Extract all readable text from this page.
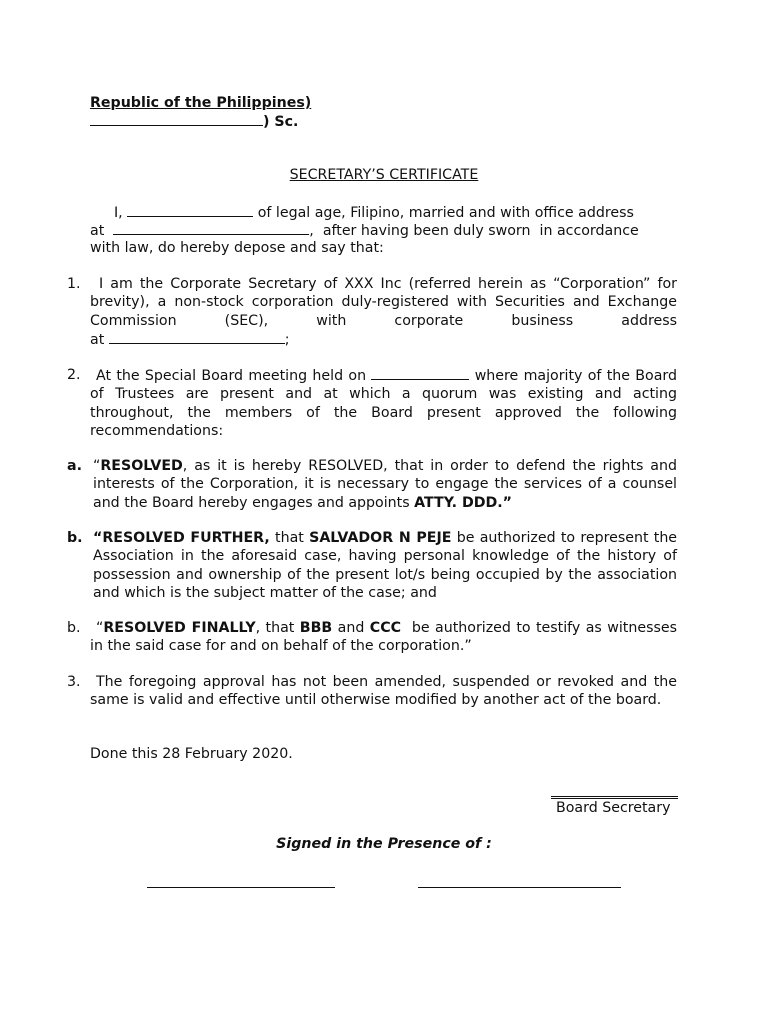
Republic of the Philippines)
) Sc.
SECRETARY’S CERTIFICATE
I,	of legal age, Filipino, married and with office address
at	,  after having been duly sworn  in accordance
with law, do hereby depose and say that:
1.	I am the Corporate Secretary of XXX Inc (referred herein as “Corporation” for brevity), a non-stock corporation duly-registered with Securities and Exchange Commission (SEC), with corporate business address
at	;
2.	At the Special Board meeting held on	where majority of the Board of Trustees are present and at which a quorum was existing and acting throughout, the members of the Board present approved the following recommendations:
a. “RESOLVED, as it is hereby RESOLVED, that in order to defend the rights and interests of the Corporation, it is necessary to engage the services of a counsel and the Board hereby engages and appoints ATTY. DDD.”
b. “RESOLVED FURTHER, that SALVADOR N PEJE be authorized to represent the Association in the aforesaid case, having personal knowledge of the history of possession and ownership of the present lot/s being occupied by the association and which is the subject matter of the case; and
b.	“RESOLVED FINALLY, that BBB and CCC be authorized to testify as witnesses in the said case for and on behalf of the corporation.”
3.	The foregoing approval has not been amended, suspended or revoked and the same is valid and effective until otherwise modified by another act of the board.
Done this 28 February 2020.
Board Secretary
Signed in the Presence of :
